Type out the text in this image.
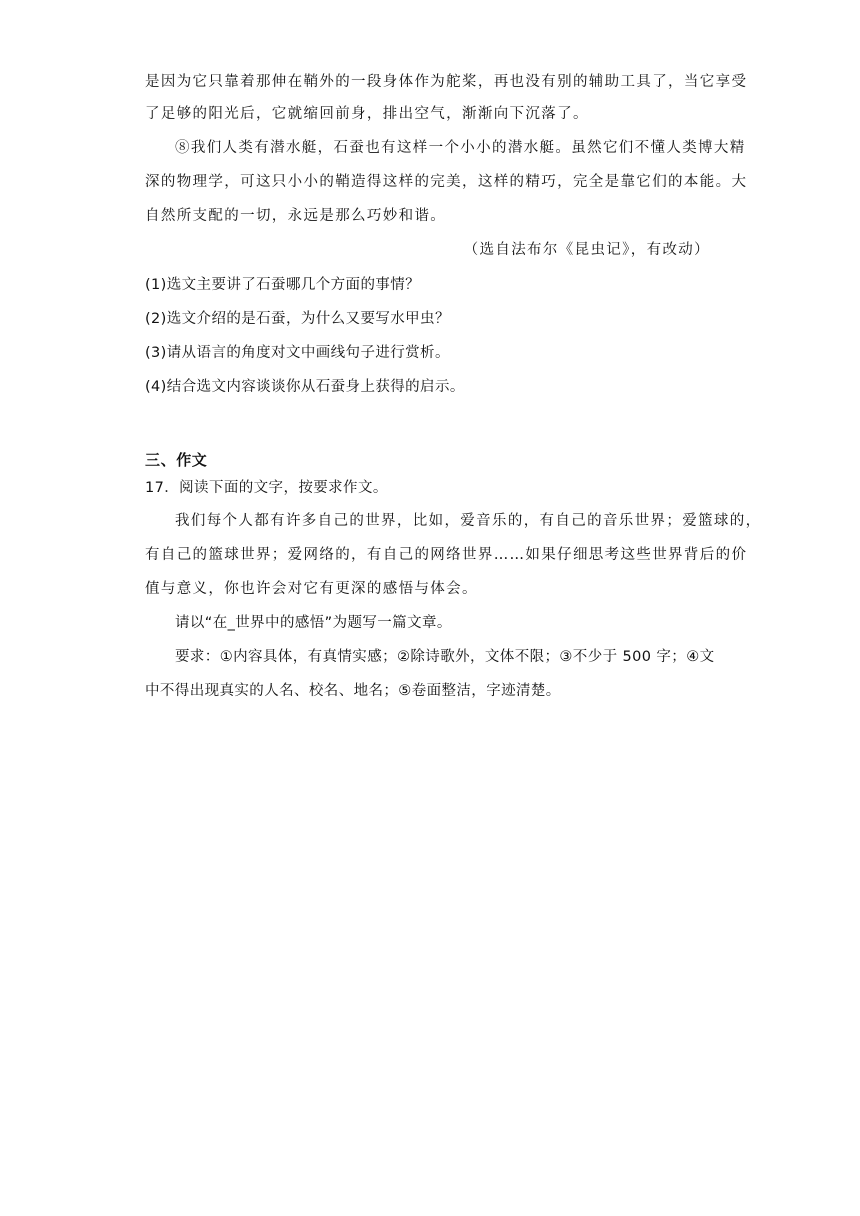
是因为它只靠着那伸在鞘外的一段身体作为舵桨，再也没有别的辅助工具了，当它享受
了足够的阳光后，它就缩回前身，排出空气，渐渐向下沉落了。
⑧我们人类有潜水艇，石蚕也有这样一个小小的潜水艇。虽然它们不懂人类博大精
深的物理学，可这只小小的鞘造得这样的完美，这样的精巧，完全是靠它们的本能。大
自然所支配的一切，永远是那么巧妙和谐。
（选自法布尔《昆虫记》，有改动）
(1)选文主要讲了石蚕哪几个方面的事情？
(2)选文介绍的是石蚕，为什么又要写水甲虫？
(3)请从语言的角度对文中画线句子进行赏析。
(4)结合选文内容谈谈你从石蚕身上获得的启示。
三、作文
17．阅读下面的文字，按要求作文。
我们每个人都有许多自己的世界，比如，爱音乐的，有自己的音乐世界；爱篮球的，
有自己的篮球世界；爱网络的，有自己的网络世界……如果仔细思考这些世界背后的价
值与意义，你也许会对它有更深的感悟与体会。
请以“在_世界中的感悟”为题写一篇文章。
要求：①内容具体，有真情实感；②除诗歌外，文体不限；③不少于 500 字；④文
中不得出现真实的人名、校名、地名；⑤卷面整洁，字迹清楚。
